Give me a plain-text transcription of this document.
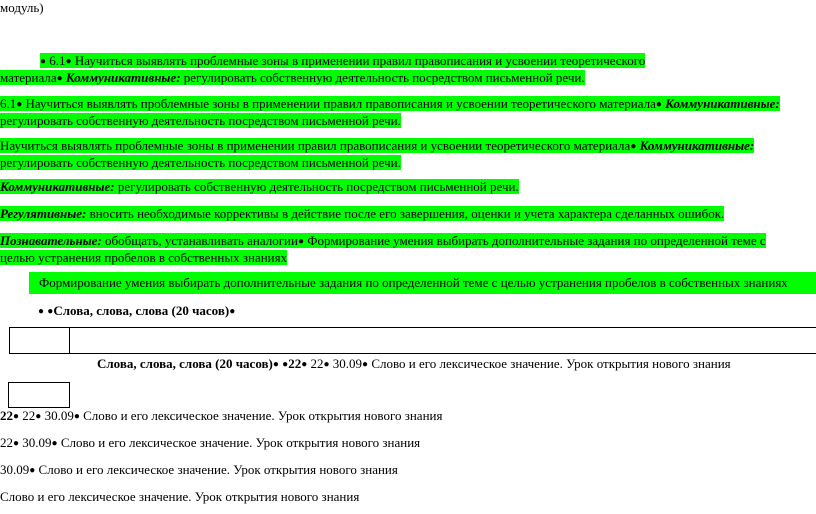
модуль)
● 6.1● Научиться выявлять проблемные зоны в применении правил правописания и усвоении теоретического
материала● Коммуникативные: регулировать собственную деятельность посредством письменной речи.
6.1● Научиться выявлять проблемные зоны в применении правил правописания и усвоении теоретического материала● Коммуникативные:
регулировать собственную деятельность посредством письменной речи.
Научиться выявлять проблемные зоны в применении правил правописания и усвоении теоретического материала● Коммуникативные:
регулировать собственную деятельность посредством письменной речи.
Коммуникативные: регулировать собственную деятельность посредством письменной речи.
Регулятивные: вносить необходимые коррективы в действие после его завершения, оценки и учета характера сделанных ошибок.
Познавательные: обобщать, устанавливать аналогии● Формирование умения выбирать дополнительные задания по определенной теме с
целью устранения пробелов в собственных знаниях
Формирование умения выбирать дополнительные задания по определенной теме с целью устранения пробелов в собственных знаниях
● ●Слова, слова, слова (20 часов)●
Слова, слова, слова (20 часов)● ●22● 22● 30.09● Слово и его лексическое значение. Урок открытия нового знания
22● 22● 30.09● Слово и его лексическое значение. Урок открытия нового знания
22● 30.09● Слово и его лексическое значение. Урок открытия нового знания
30.09● Слово и его лексическое значение. Урок открытия нового знания
Слово и его лексическое значение. Урок открытия нового знания
